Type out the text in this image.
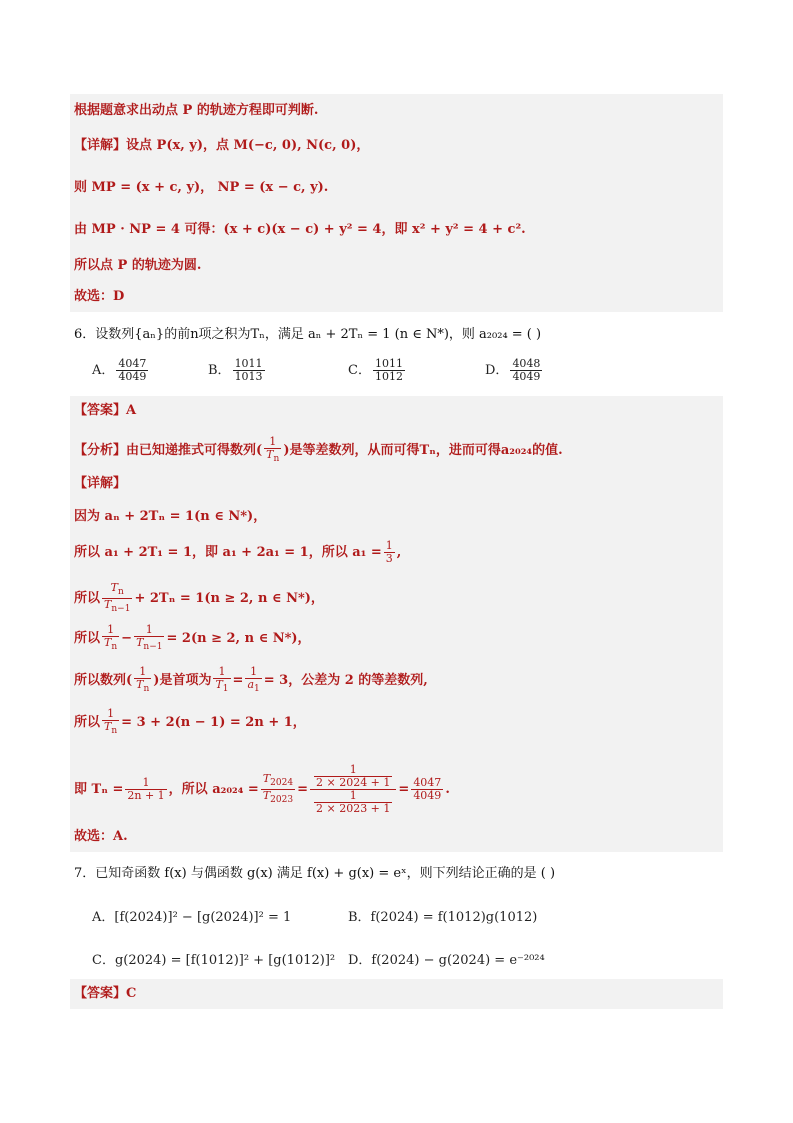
根据题意求出动点 P 的轨迹方程即可判断.
【详解】设点 P(x, y)，点 M(−c, 0), N(c, 0)，
则 MP = (x + c, y)， NP = (x − c, y).
由 MP · NP = 4 可得：(x + c)(x − c) + y² = 4，即 x² + y² = 4 + c².
所以点 P 的轨迹为圆.
故选：D
6．设数列{aₙ}的前n项之积为Tₙ，满足 aₙ + 2Tₙ = 1 (n ∈ N*)，则 a₂₀₂₄ = ( )
A． $\frac{4047}{4049}$	B． $\frac{1011}{1013}$	C． $\frac{1011}{1012}$	D． $\frac{4048}{4049}$
【答案】A
【分析】由已知递推式可得数列( $\frac{1}{T_n}$ )是等差数列，从而可得Tₙ，进而可得a₂₀₂₄的值.
【详解】
因为 aₙ + 2Tₙ = 1(n ∈ N*)，
所以 a₁ + 2T₁ = 1，即 a₁ + 2a₁ = 1，所以 $a_1 = \frac{1}{3}$ ,
所以 $\frac{T_n}{T_{n-1}} + 2T_n = 1(n \ge 2$, n ∈ N*)，
所以 $\frac{1}{T_n} - \frac{1}{T_{n-1}} = 2(n \ge 2$, n ∈ N*)，
所以数列( $\frac{1}{T_n}$ )是首项为 $\frac{1}{T_1} = \frac{1}{a_1} = 3$，公差为 2 的等差数列,
所以 $\frac{1}{T_n} = 3 + 2(n - 1) = 2n + 1$，
即 $T_n = \frac{1}{2n + 1}$ ，所以 $a_{2024} = \frac{T_{2024}}{T_{2023}} = \frac{\frac{1}{2 \times 2024 + 1}}{\frac{1}{2 \times 2023 + 1}} = \frac{4047}{4049}$ .
故选：A.
7．已知奇函数 f(x) 与偶函数 g(x) 满足 f(x) + g(x) = eˣ，则下列结论正确的是 ( )
A．[f(2024)]² − [g(2024)]² = 1	B．f(2024) = f(1012)g(1012)
C．g(2024) = [f(1012)]² + [g(1012)]² D．f(2024) − g(2024) = e⁻²⁰²⁴
【答案】C
